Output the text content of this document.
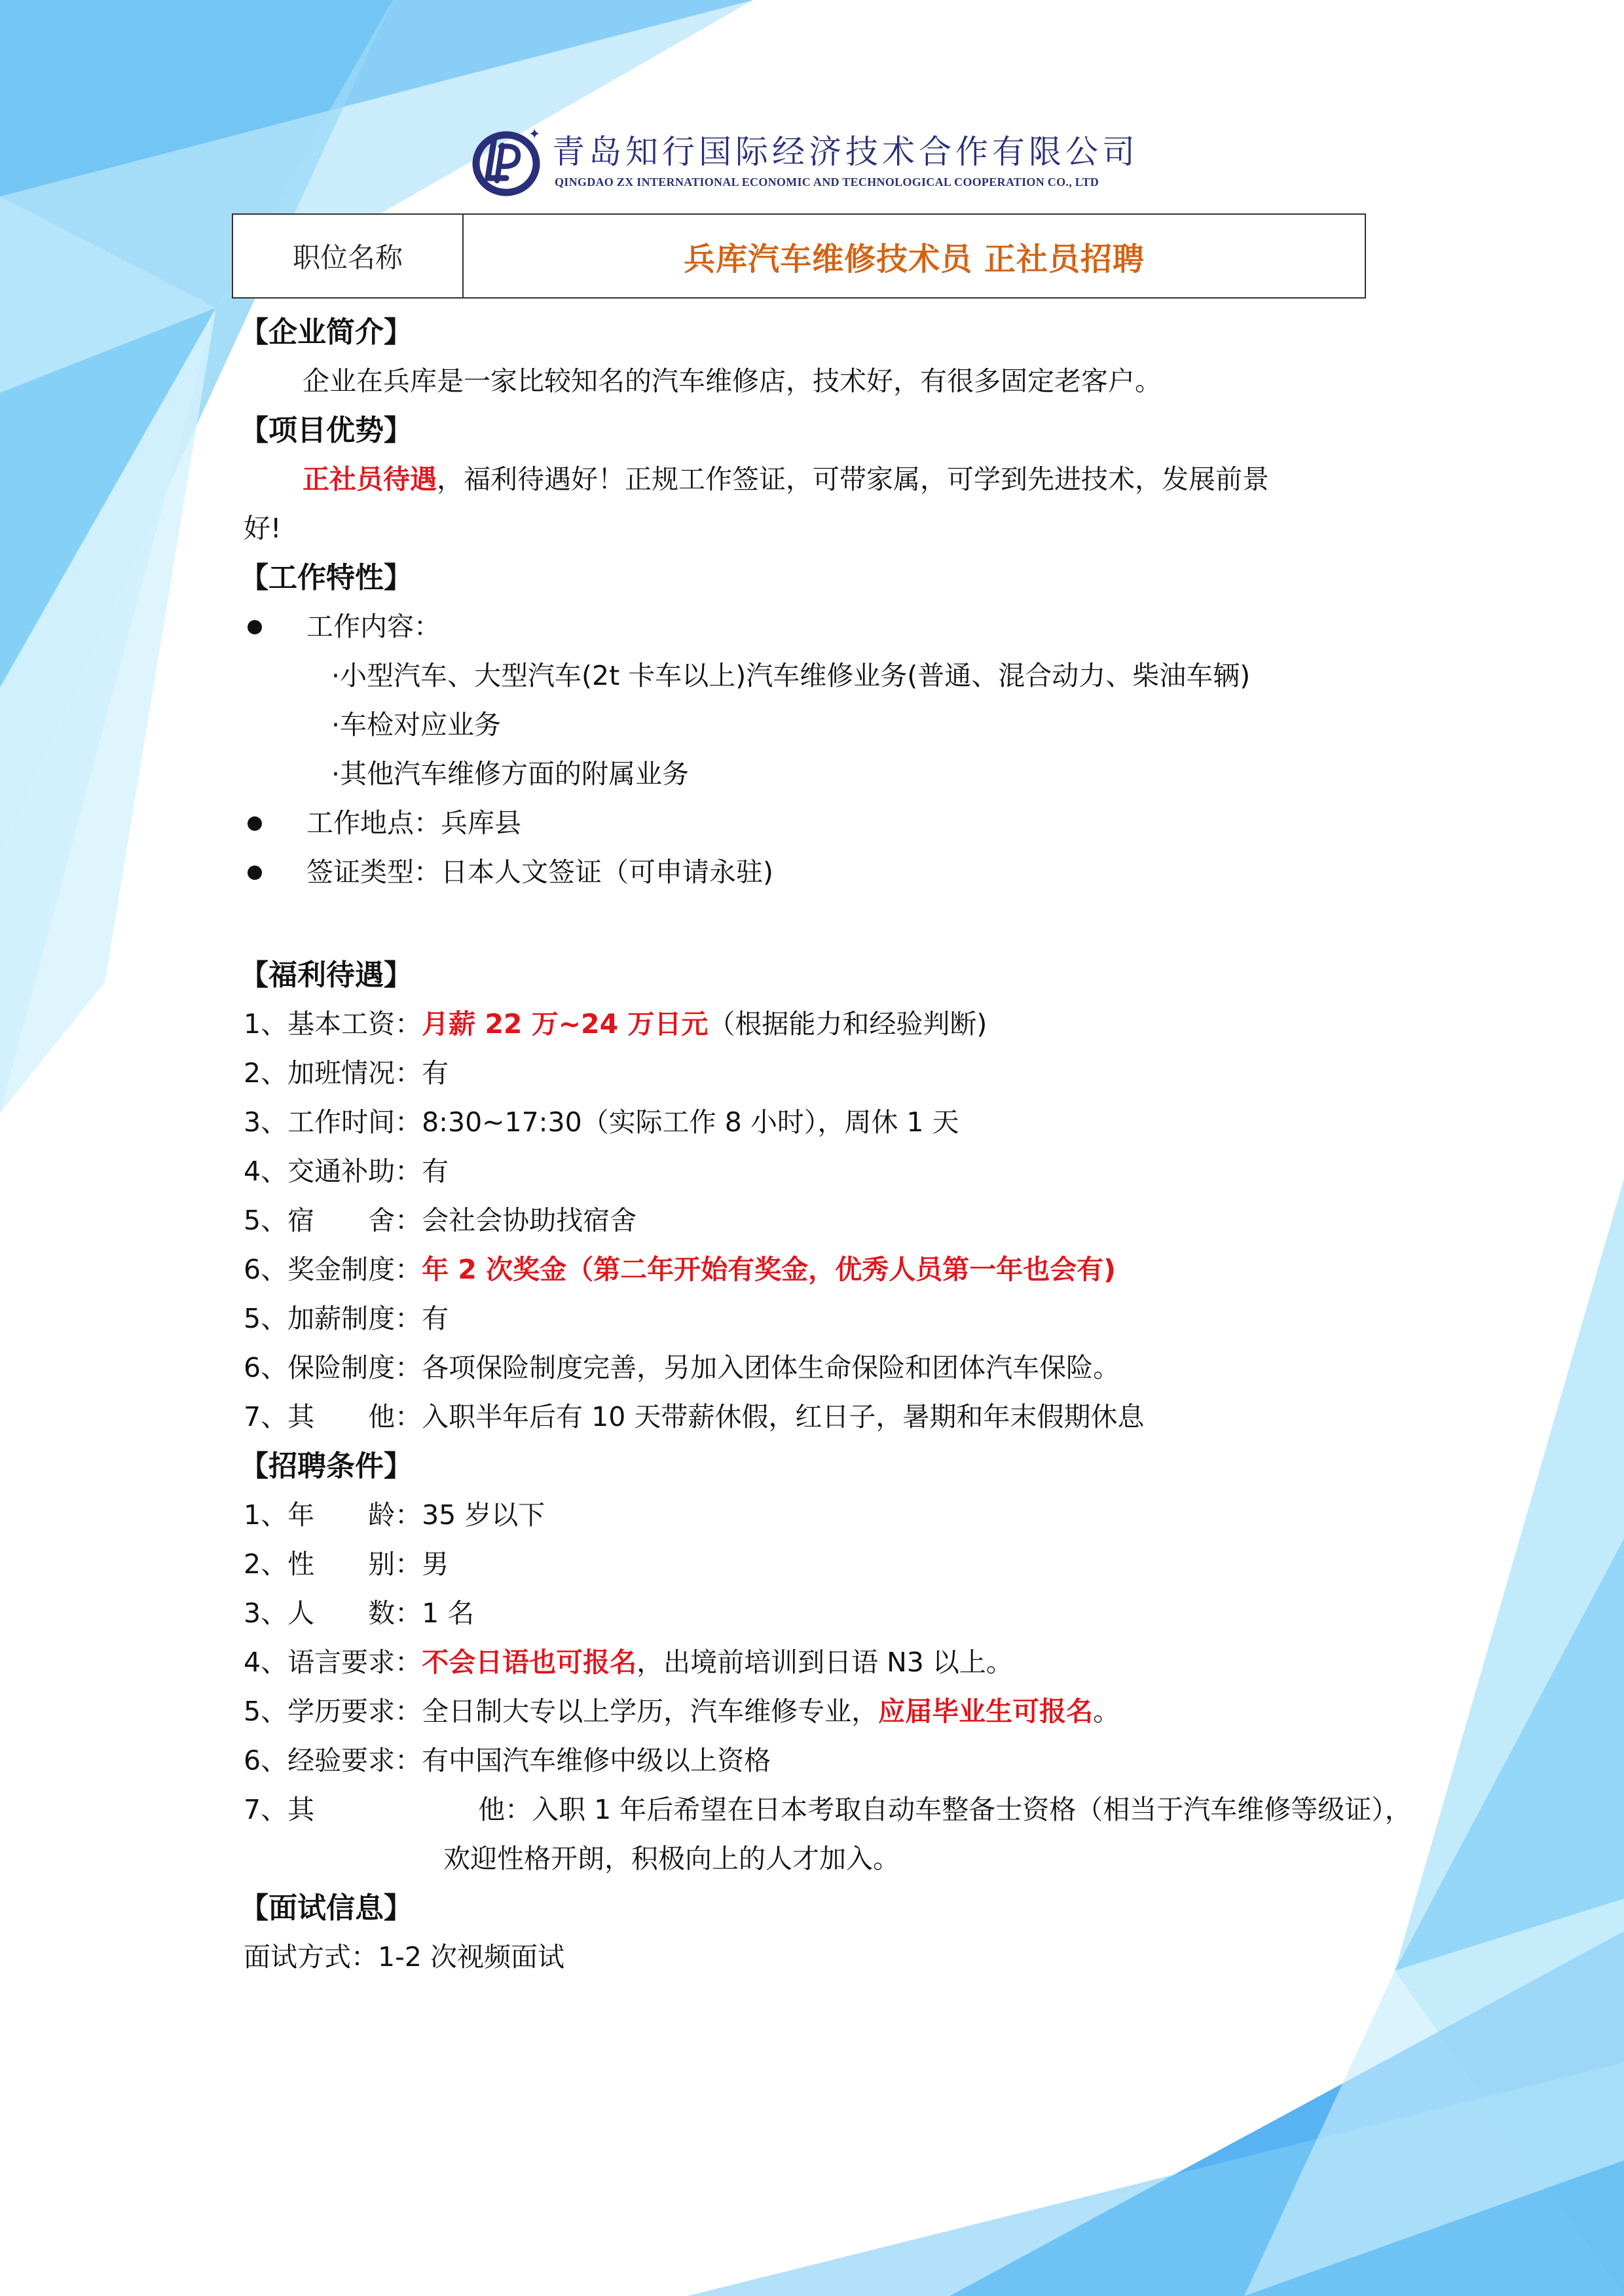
✦ 青岛知行国际经济技术合作有限公司
QINGDAO ZX INTERNATIONAL ECONOMIC AND TECHNOLOGICAL COOPERATION CO., LTD
职位名称	兵库汽车维修技术员 正社员招聘
【企业简介】
企业在兵库是一家比较知名的汽车维修店，技术好，有很多固定老客户。
【项目优势】
正社员待遇，福利待遇好！正规工作签证，可带家属，可学到先进技术，发展前景
好!
【工作特性】
工作内容：
·小型汽车、大型汽车(2t 卡车以上)汽车维修业务(普通、混合动力、柴油车辆)
·车检对应业务
·其他汽车维修方面的附属业务
工作地点：兵库县
签证类型：日本人文签证（可申请永驻)
【福利待遇】
1、基本工资：月薪 22 万~24 万日元（根据能力和经验判断)
2、加班情况：有
3、工作时间：8:30~17:30（实际工作 8 小时），周休 1 天
4、交通补助：有
5、宿　　舍：会社会协助找宿舍
6、奖金制度：年 2 次奖金（第二年开始有奖金，优秀人员第一年也会有)
5、加薪制度：有
6、保险制度：各项保险制度完善，另加入团体生命保险和团体汽车保险。
7、其　　他：入职半年后有 10 天带薪休假，红日子，暑期和年末假期休息
【招聘条件】
1、年　　龄：35 岁以下
2、性　　别：男
3、人　　数：1 名
4、语言要求：不会日语也可报名，出境前培训到日语 N3 以上。
5、学历要求：全日制大专以上学历，汽车维修专业，应届毕业生可报名。
6、经验要求：有中国汽车维修中级以上资格
7、其	他：入职 1 年后希望在日本考取自动车整备士资格（相当于汽车维修等级证），
欢迎性格开朗，积极向上的人才加入。
【面试信息】
面试方式：1-2 次视频面试
